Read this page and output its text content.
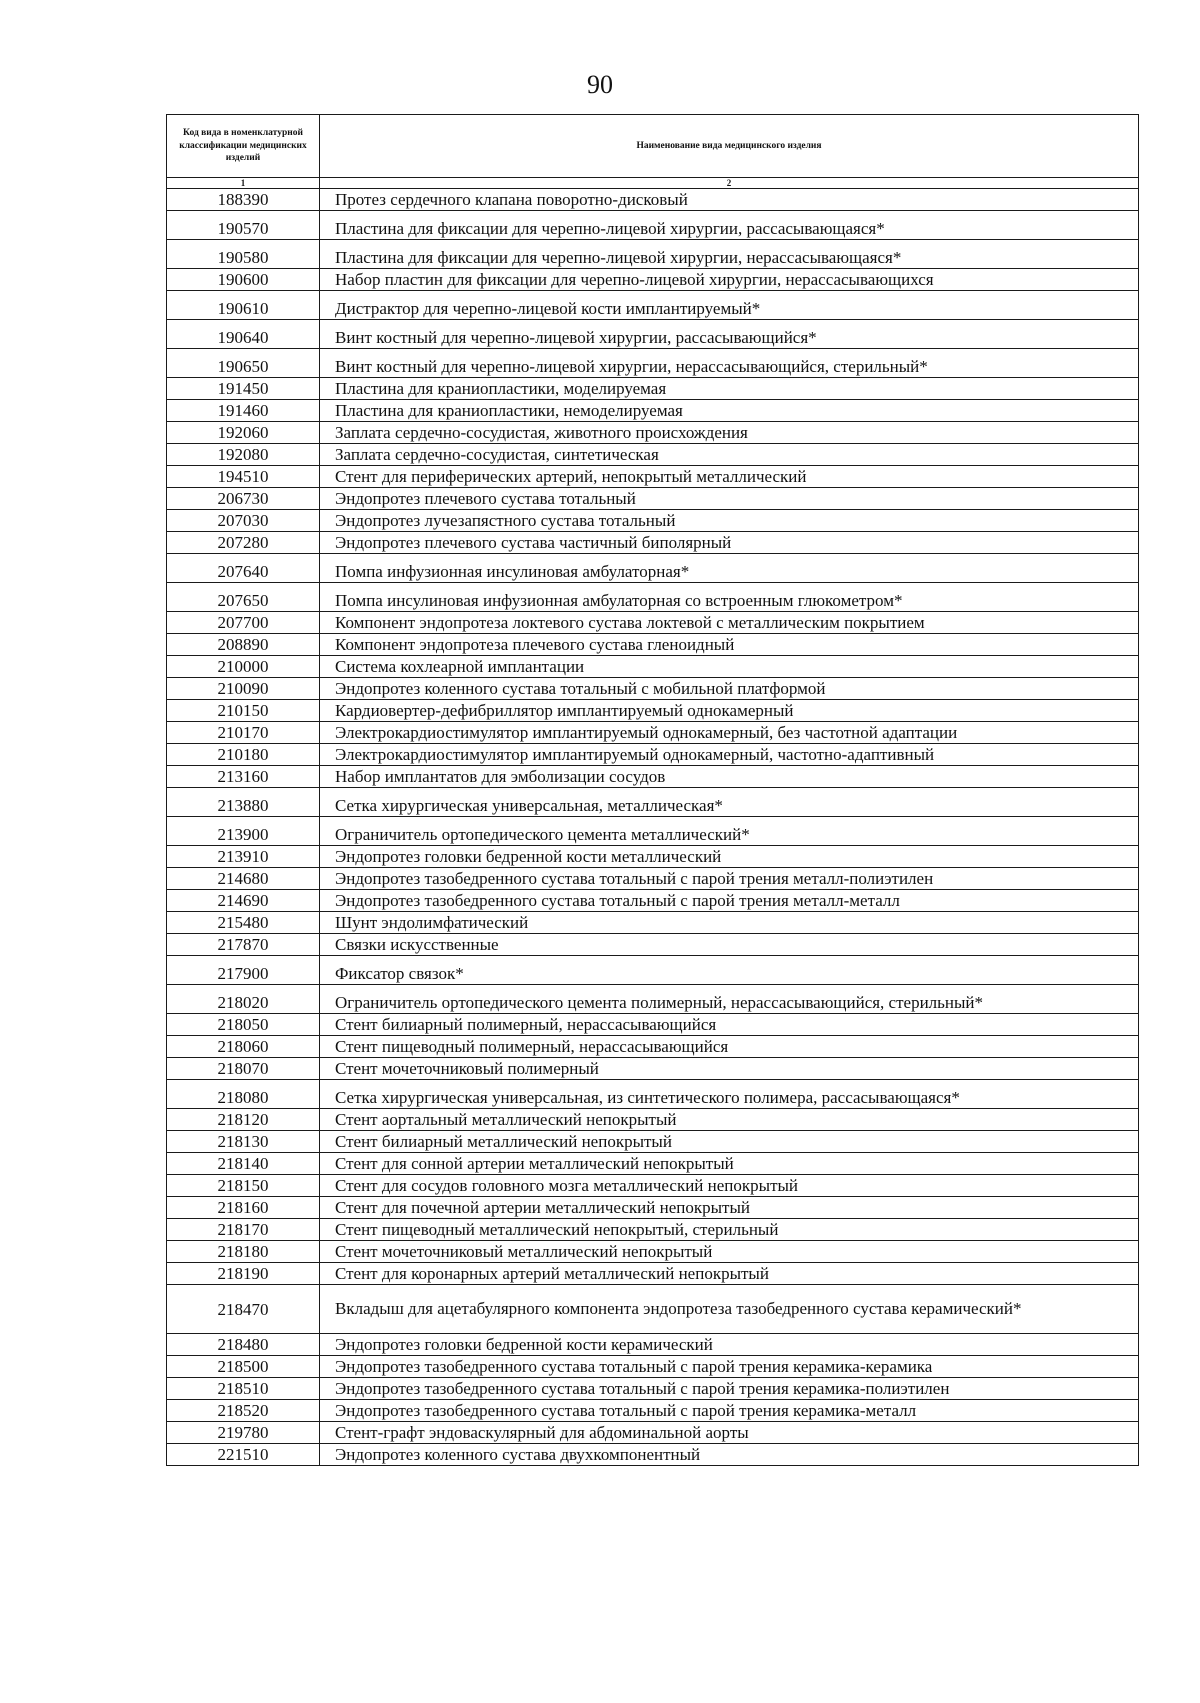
90
Код вида в номенклатурной классификации медицинских изделий	Наименование вида медицинского изделия
1	2
188390	Протез сердечного клапана поворотно-дисковый
190570	Пластина для фиксации для черепно-лицевой хирургии, рассасывающаяся*
190580	Пластина для фиксации для черепно-лицевой хирургии, нерассасывающаяся*
190600	Набор пластин для фиксации для черепно-лицевой хирургии, нерассасывающихся
190610	Дистрактор для черепно-лицевой кости имплантируемый*
190640	Винт костный для черепно-лицевой хирургии, рассасывающийся*
190650	Винт костный для черепно-лицевой хирургии, нерассасывающийся, стерильный*
191450	Пластина для краниопластики, моделируемая
191460	Пластина для краниопластики, немоделируемая
192060	Заплата сердечно-сосудистая, животного происхождения
192080	Заплата сердечно-сосудистая, синтетическая
194510	Стент для периферических артерий, непокрытый металлический
206730	Эндопротез плечевого сустава тотальный
207030	Эндопротез лучезапястного сустава тотальный
207280	Эндопротез плечевого сустава частичный биполярный
207640	Помпа инфузионная инсулиновая амбулаторная*
207650	Помпа инсулиновая инфузионная амбулаторная со встроенным глюкометром*
207700	Компонент эндопротеза локтевого сустава локтевой с металлическим покрытием
208890	Компонент эндопротеза плечевого сустава гленоидный
210000	Система кохлеарной имплантации
210090	Эндопротез коленного сустава тотальный с мобильной платформой
210150	Кардиовертер-дефибриллятор имплантируемый однокамерный
210170	Электрокардиостимулятор имплантируемый однокамерный, без частотной адаптации
210180	Электрокардиостимулятор имплантируемый однокамерный, частотно-адаптивный
213160	Набор имплантатов для эмболизации сосудов
213880	Сетка хирургическая универсальная, металлическая*
213900	Ограничитель ортопедического цемента металлический*
213910	Эндопротез головки бедренной кости металлический
214680	Эндопротез тазобедренного сустава тотальный с парой трения металл-полиэтилен
214690	Эндопротез тазобедренного сустава тотальный с парой трения металл-металл
215480	Шунт эндолимфатический
217870	Связки искусственные
217900	Фиксатор связок*
218020	Ограничитель ортопедического цемента полимерный, нерассасывающийся, стерильный*
218050	Стент билиарный полимерный, нерассасывающийся
218060	Стент пищеводный полимерный, нерассасывающийся
218070	Стент мочеточниковый полимерный
218080	Сетка хирургическая универсальная, из синтетического полимера, рассасывающаяся*
218120	Стент аортальный металлический непокрытый
218130	Стент билиарный металлический непокрытый
218140	Стент для сонной артерии металлический непокрытый
218150	Стент для сосудов головного мозга металлический непокрытый
218160	Стент для почечной артерии металлический непокрытый
218170	Стент пищеводный металлический непокрытый, стерильный
218180	Стент мочеточниковый металлический непокрытый
218190	Стент для коронарных артерий металлический непокрытый
218470	Вкладыш для ацетабулярного компонента эндопротеза тазобедренного сустава керамический*
218480	Эндопротез головки бедренной кости керамический
218500	Эндопротез тазобедренного сустава тотальный с парой трения керамика-керамика
218510	Эндопротез тазобедренного сустава тотальный с парой трения керамика-полиэтилен
218520	Эндопротез тазобедренного сустава тотальный с парой трения керамика-металл
219780	Стент-графт эндоваскулярный для абдоминальной аорты
221510	Эндопротез коленного сустава двухкомпонентный
